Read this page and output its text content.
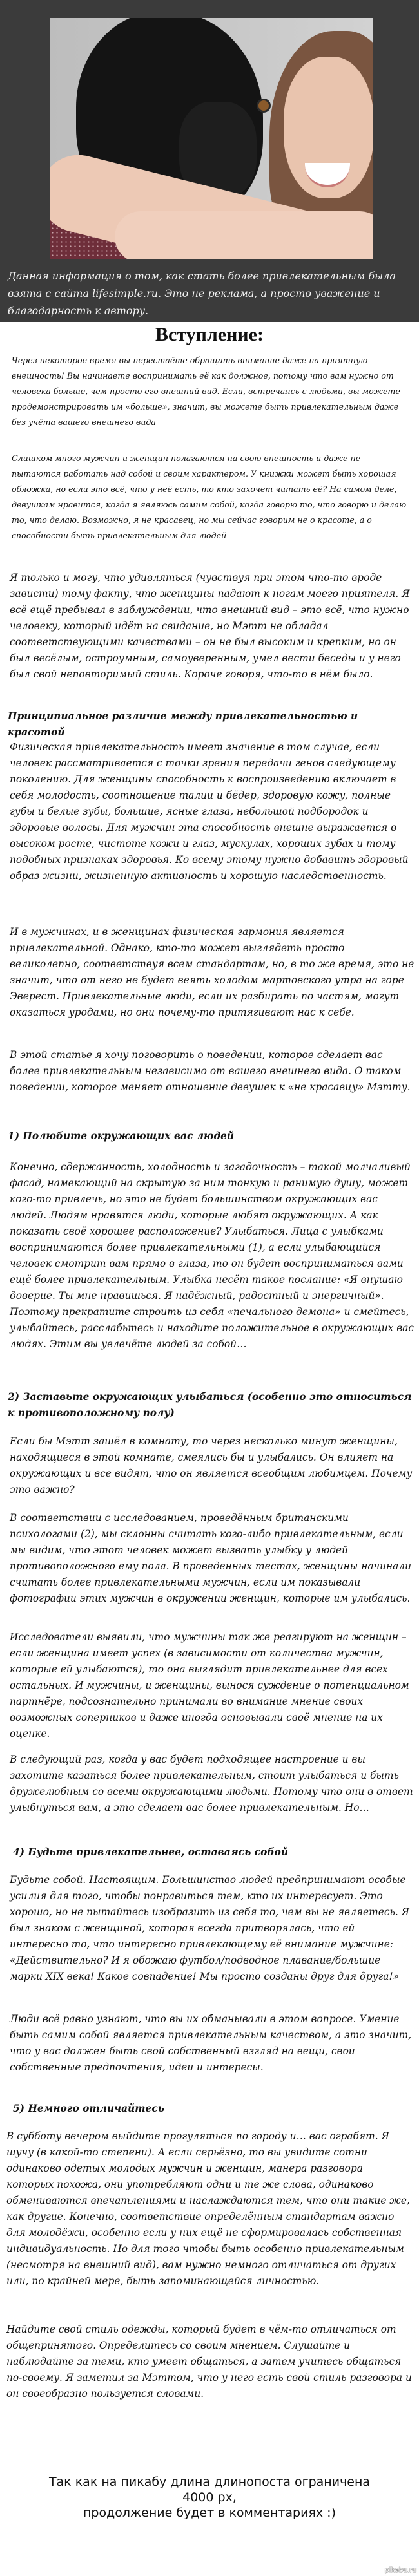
Данная информация о том, как стать более привлекательным была взята с сайта lifesimple.ru. Это не реклама, а просто уважение и благодарность к автору.
Вступление:
Через некоторое время вы перестаёте обращать внимание даже на приятную внешность! Вы начинаете воспринимать её как должное, потому что вам нужно от человека больше, чем просто его внешний вид. Если, встречаясь с людьми, вы можете продемонстрировать им «больше», значит, вы можете быть привлекательным даже без учёта вашего внешнего вида
Слишком много мужчин и женщин полагаются на свою внешность и даже не пытаются работать над собой и своим характером. У книжки может быть хорошая обложка, но если это всё, что у неё есть, то кто захочет читать её? На самом деле, девушкам нравится, когда я являюсь самим собой, когда говорю то, что говорю и делаю то, что делаю. Возможно, я не красавец, но мы сейчас говорим не о красоте, а о способности быть привлекательным для людей
Я только и могу, что удивляться (чувствуя при этом что-то вроде зависти) тому факту, что женщины падают к ногам моего приятеля. Я всё ещё пребывал в заблуждении, что внешний вид – это всё, что нужно человеку, который идёт на свидание, но Мэтт не обладал соответствующими качествами – он не был высоким и крепким, но он был весёлым, остроумным, самоуверенным, умел вести беседы и у него был свой неповторимый стиль. Короче говоря, что-то в нём было.
Принципиальное различие между привлекательностью и красотой
Физическая привлекательность имеет значение в том случае, если человек рассматривается с точки зрения передачи генов следующему поколению. Для женщины способность к воспроизведению включает в себя молодость, соотношение талии и бёдер, здоровую кожу, полные губы и белые зубы, большие, ясные глаза, небольшой подбородок и здоровые волосы. Для мужчин эта способность внешне выражается в высоком росте, чистоте кожи и глаз, мускулах, хороших зубах и тому подобных признаках здоровья. Ко всему этому нужно добавить здоровый образ жизни, жизненную активность и хорошую наследственность.
И в мужчинах, и в женщинах физическая гармония является привлекательной. Однако, кто-то может выглядеть просто великолепно, соответствуя всем стандартам, но, в то же время, это не значит, что от него не будет веять холодом мартовского утра на горе Эверест. Привлекательные люди, если их разбирать по частям, могут оказаться уродами, но они почему-то притягивают нас к себе.
В этой статье я хочу поговорить о поведении, которое сделает вас более привлекательным независимо от вашего внешнего вида. О таком поведении, которое меняет отношение девушек к «не красавцу» Мэтту.
1) Полюбите окружающих вас людей
Конечно, сдержанность, холодность и загадочность – такой молчаливый фасад, намекающий на скрытую за ним тонкую и ранимую душу, может кого-то привлечь, но это не будет большинством окружающих вас людей. Людям нравятся люди, которые любят окружающих. А как показать своё хорошее расположение? Улыбаться. Лица с улыбками воспринимаются более привлекательными (1), а если улыбающийся человек смотрит вам прямо в глаза, то он будет восприниматься вами ещё более привлекательным. Улыбка несёт такое послание: «Я внушаю доверие. Ты мне нравишься. Я надёжный, радостный и энергичный». Поэтому прекратите строить из себя «печального демона» и смейтесь, улыбайтесь, расслабьтесь и находите положительное в окружающих вас людях. Этим вы увлечёте людей за собой…
2) Заставьте окружающих улыбаться (особенно это относиться к противоположному полу)
Если бы Мэтт зашёл в комнату, то через несколько минут женщины, находящиеся в этой комнате, смеялись бы и улыбались. Он влияет на окружающих и все видят, что он является всеобщим любимцем. Почему это важно?
В соответствии с исследованием, проведённым британскими психологами (2), мы склонны считать кого-либо привлекательным, если мы видим, что этот человек может вызвать улыбку у людей противоположного ему пола. В проведенных тестах, женщины начинали считать более привлекательными мужчин, если им показывали фотографии этих мужчин в окружении женщин, которые им улыбались.
Исследователи выявили, что мужчины так же реагируют на женщин – если женщина имеет успех (в зависимости от количества мужчин, которые ей улыбаются), то она выглядит привлекательнее для всех остальных. И мужчины, и женщины, вынося суждение о потенциальном партнёре, подсознательно принимали во внимание мнение своих возможных соперников и даже иногда основывали своё мнение на их оценке.
В следующий раз, когда у вас будет подходящее настроение и вы захотите казаться более привлекательным, стоит улыбаться и быть дружелюбным со всеми окружающими людьми. Потому что они в ответ улыбнуться вам, а это сделает вас более привлекательным. Но…
4) Будьте привлекательнее, оставаясь собой
Будьте собой. Настоящим. Большинство людей предпринимают особые усилия для того, чтобы понравиться тем, кто их интересует. Это хорошо, но не пытайтесь изобразить из себя то, чем вы не являетесь. Я был знаком с женщиной, которая всегда притворялась, что ей интересно то, что интересно привлекающему её внимание мужчине: «Действительно? И я обожаю футбол/подводное плавание/большие марки XIX века! Какое совпадение! Мы просто созданы друг для друга!»
Люди всё равно узнают, что вы их обманывали в этом вопросе. Умение быть самим собой является привлекательным качеством, а это значит, что у вас должен быть свой собственный взгляд на вещи, свои собственные предпочтения, идеи и интересы.
5) Немного отличайтесь
В субботу вечером выйдите прогуляться по городу и… вас ограбят. Я шучу (в какой-то степени). А если серьёзно, то вы увидите сотни одинаково одетых молодых мужчин и женщин, манера разговора которых похожа, они употребляют одни и те же слова, одинаково обмениваются впечатлениями и наслаждаются тем, что они такие же, как другие. Конечно, соответствие определённым стандартам важно для молодёжи, особенно если у них ещё не сформировалась собственная индивидуальность. Но для того чтобы быть особенно привлекательным (несмотря на внешний вид), вам нужно немного отличаться от других или, по крайней мере, быть запоминающейся личностью.
Найдите свой стиль одежды, который будет в чём-то отличаться от общепринятого. Определитесь со своим мнением. Слушайте и наблюдайте за теми, кто умеет общаться, а затем учитесь общаться по-своему. Я заметил за Мэттом, что у него есть свой стиль разговора и он своеобразно пользуется словами.
Так как на пикабу длина длинопоста ограничена
4000 px,
продолжение будет в комментариях :)
pikabu.ru
